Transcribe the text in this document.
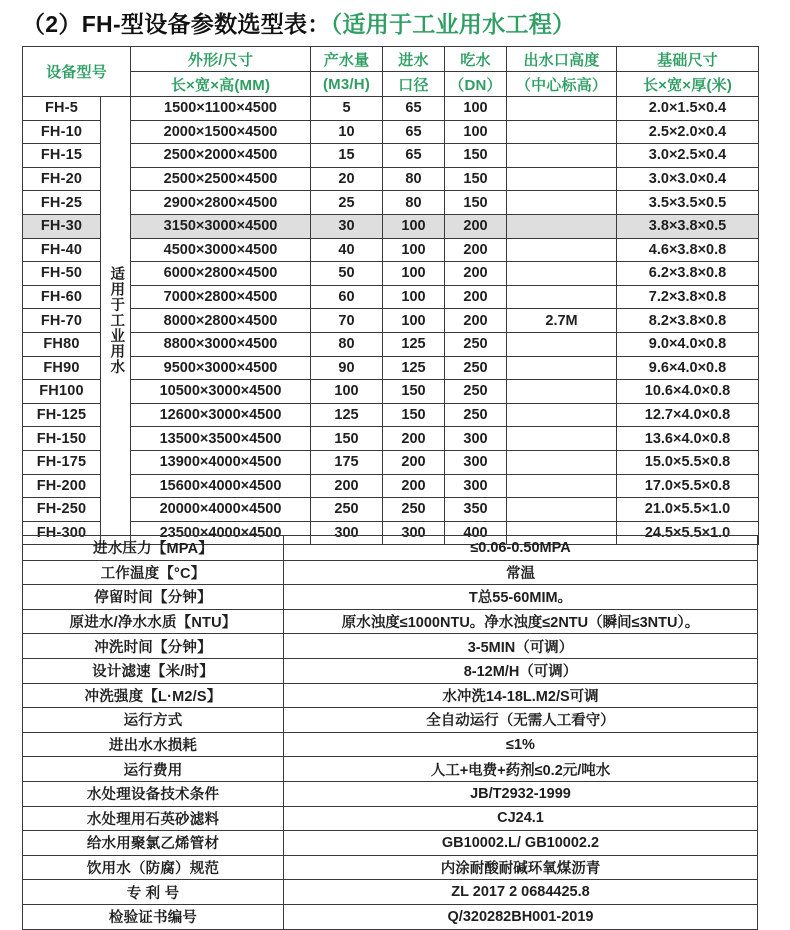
（2）FH-型设备参数选型表：（适用于工业用水工程）
设备型号		外形/尺寸	产水量	进水	吃水	出水口高度	基础尺寸
		长×宽×高(MM)	(M3/H)	口径	（DN）	（中心标高）	长×宽×厚(米)
FH-5	适用于工业用水	1500×1100×4500	5	65	100		2.0×1.5×0.4
FH-10		2000×1500×4500	10	65	100		2.5×2.0×0.4
FH-15		2500×2000×4500	15	65	150		3.0×2.5×0.4
FH-20		2500×2500×4500	20	80	150		3.0×3.0×0.4
FH-25		2900×2800×4500	25	80	150		3.5×3.5×0.5
FH-30		3150×3000×4500	30	100	200		3.8×3.8×0.5
FH-40		4500×3000×4500	40	100	200		4.6×3.8×0.8
FH-50		6000×2800×4500	50	100	200		6.2×3.8×0.8
FH-60		7000×2800×4500	60	100	200		7.2×3.8×0.8
FH-70		8000×2800×4500	70	100	200	2.7M	8.2×3.8×0.8
FH80		8800×3000×4500	80	125	250		9.0×4.0×0.8
FH90		9500×3000×4500	90	125	250		9.6×4.0×0.8
FH100		10500×3000×4500	100	150	250		10.6×4.0×0.8
FH-125		12600×3000×4500	125	150	250		12.7×4.0×0.8
FH-150		13500×3500×4500	150	200	300		13.6×4.0×0.8
FH-175		13900×4000×4500	175	200	300		15.0×5.5×0.8
FH-200		15600×4000×4500	200	200	300		17.0×5.5×0.8
FH-250		20000×4000×4500	250	250	350		21.0×5.5×1.0
FH-300		23500×4000×4500	300	300	400		24.5×5.5×1.0
进水压力【MPA】	≤0.06-0.50MPA
工作温度【°C】	常温
停留时间【分钟】	T总55-60MIM。
原进水/净水水质【NTU】	原水浊度≤1000NTU。净水浊度≤2NTU（瞬间≤3NTU）。
冲洗时间【分钟】	3-5MIN（可调）
设计滤速【米/时】	8-12M/H（可调）
冲洗强度【L·M2/S】	水冲洗14-18L.M2/S可调
运行方式	全自动运行（无需人工看守）
进出水水损耗	≤1%
运行费用	人工+电费+药剂≤0.2元/吨水
水处理设备技术条件	JB/T2932-1999
水处理用石英砂滤料	CJ24.1
给水用聚氯乙烯管材	GB10002.L/ GB10002.2
饮用水（防腐）规范	内涂耐酸耐碱环氧煤沥青
专 利 号	ZL 2017 2 0684425.8
检验证书编号	Q/320282BH001-2019
